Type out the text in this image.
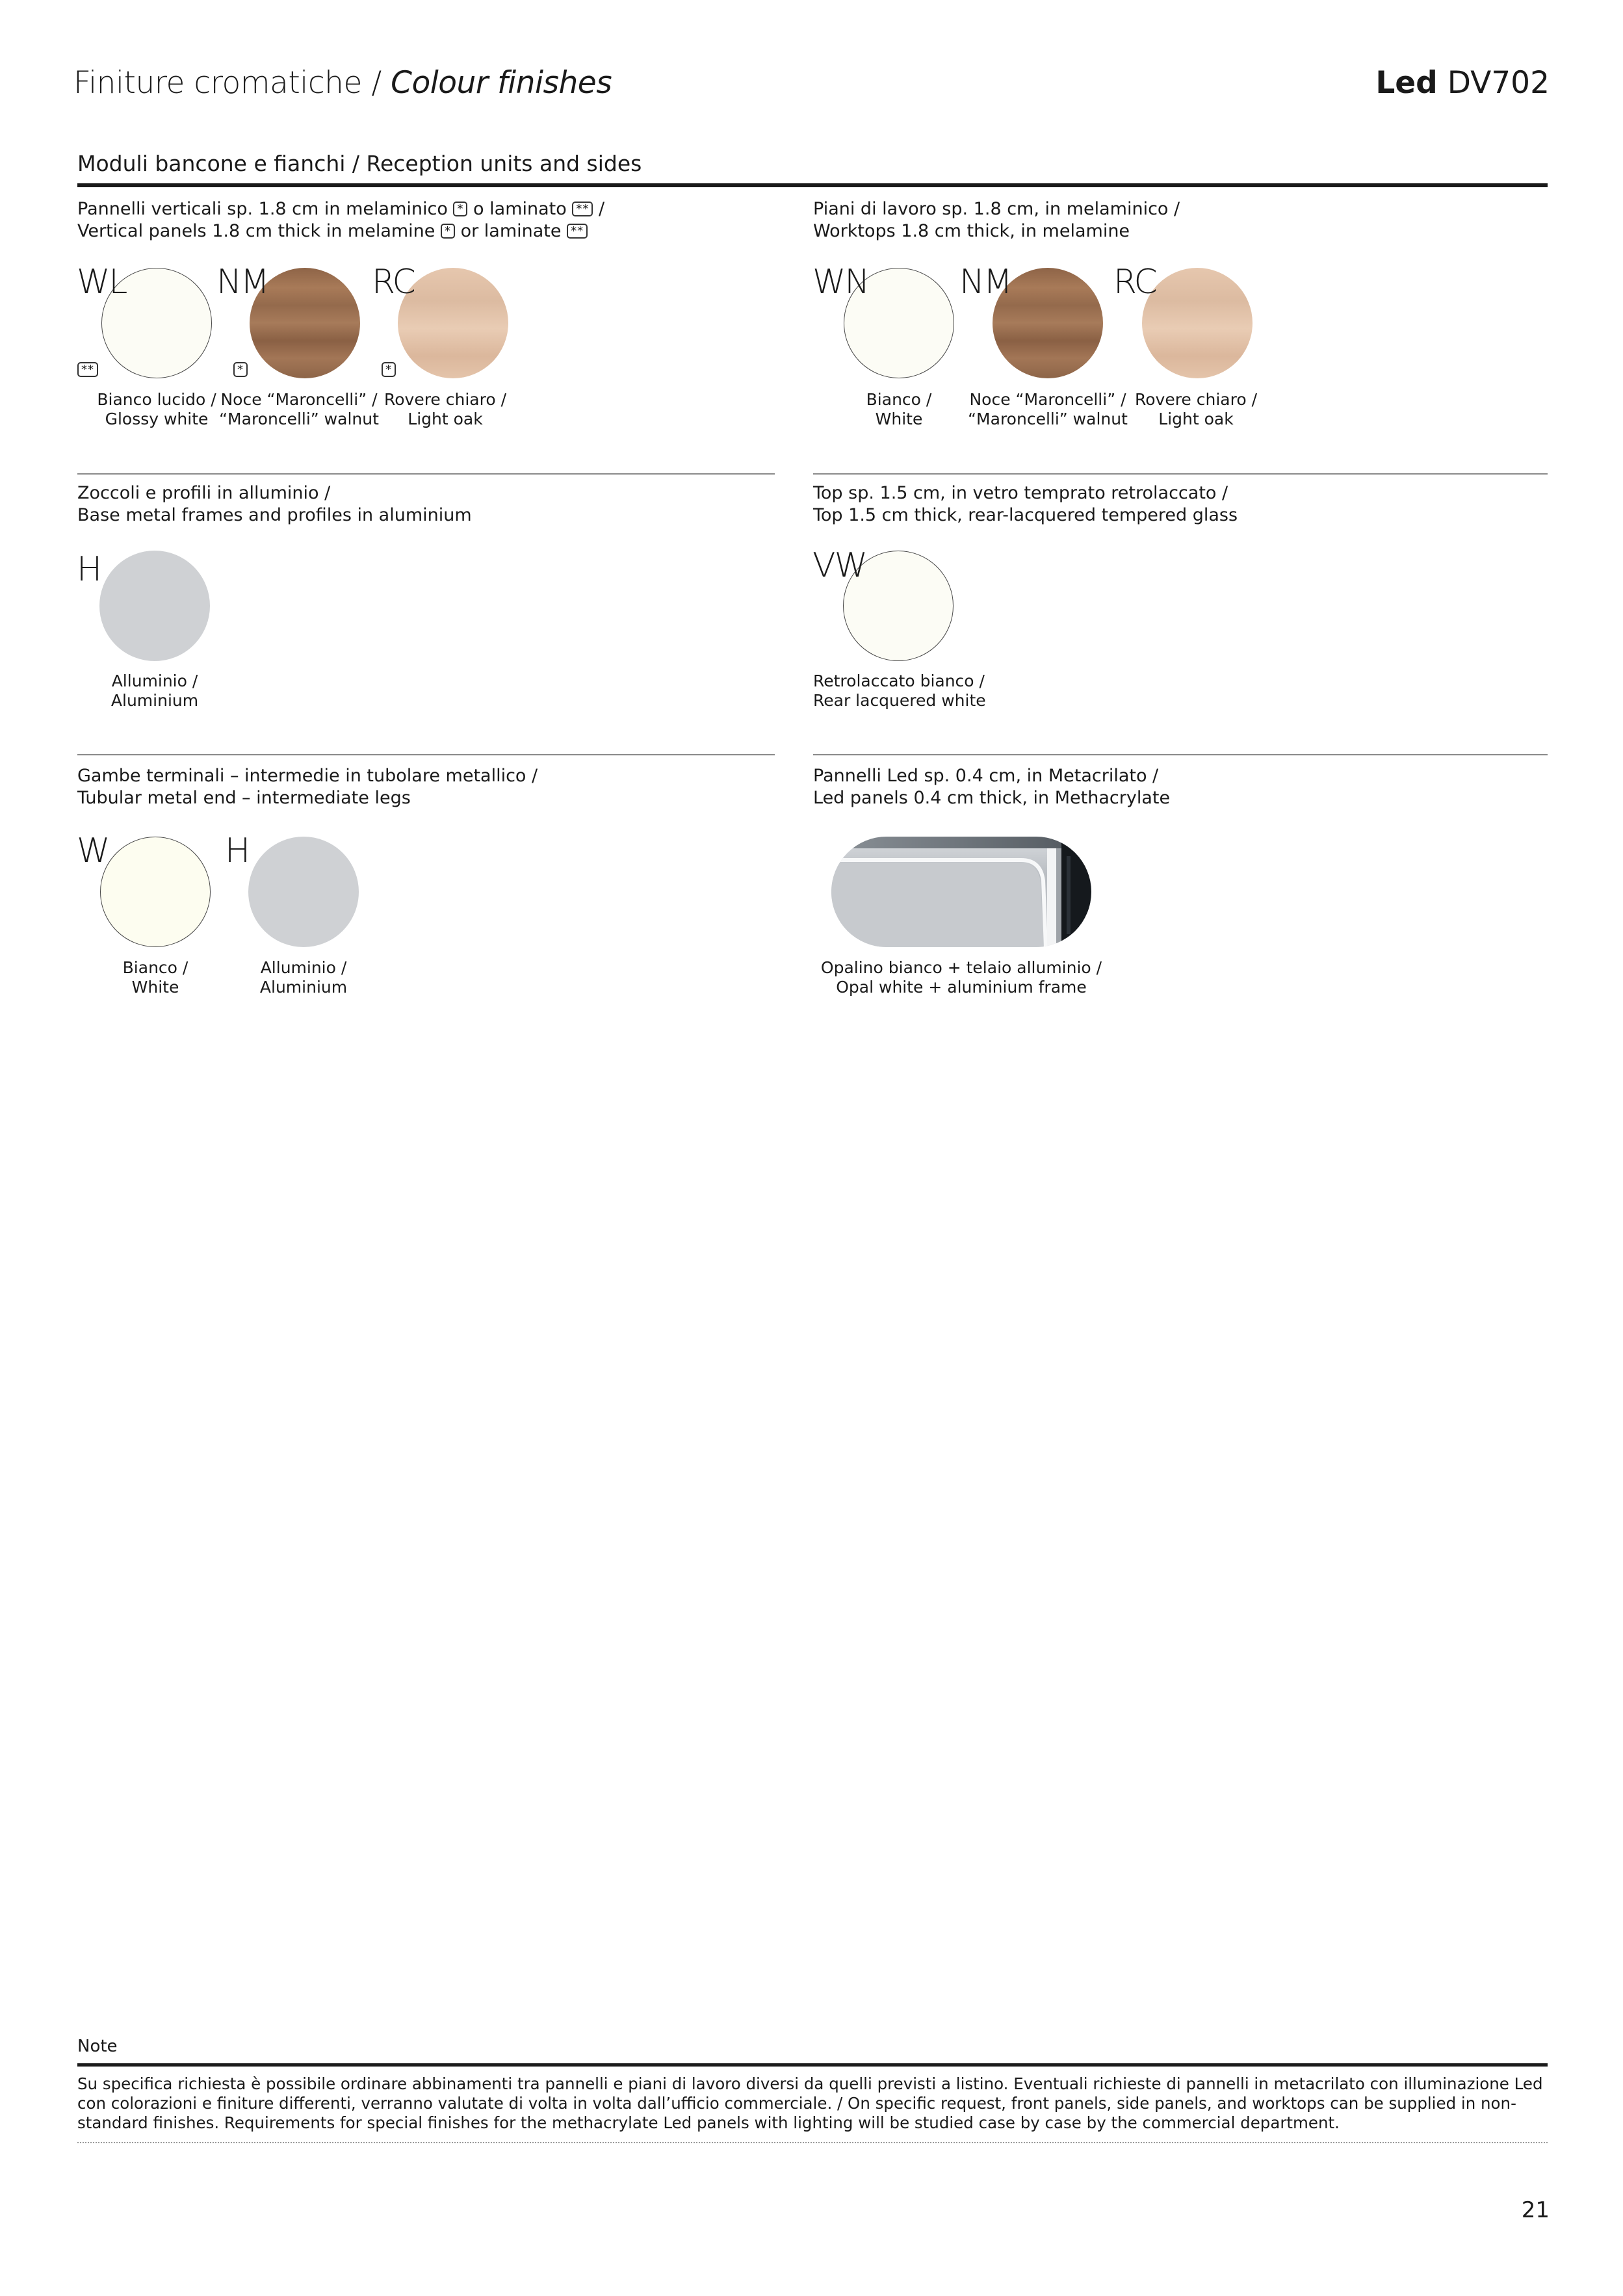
Finiture cromatiche / Colour finishes	Led DV702
Moduli bancone e fianchi / Reception units and sides
Pannelli verticali sp. 1.8 cm in melaminico * o laminato ** /
Vertical panels 1.8 cm thick in melamine * or laminate **
WL
**
Bianco lucido /
Glossy white
NM
*
Noce “Maroncelli” /
“Maroncelli” walnut
RC
*
Rovere chiaro /
Light oak
Piani di lavoro sp. 1.8 cm, in melaminico /
Worktops 1.8 cm thick, in melamine
WN
Bianco /
White
NM
Noce “Maroncelli” /
“Maroncelli” walnut
RC
Rovere chiaro /
Light oak
Zoccoli e profili in alluminio /
Base metal frames and profiles in aluminium
H
Alluminio /
Aluminium
Top sp. 1.5 cm, in vetro temprato retrolaccato /
Top 1.5 cm thick, rear-lacquered tempered glass
VW
Retrolaccato bianco /
Rear lacquered white
Gambe terminali – intermedie in tubolare metallico /
Tubular metal end – intermediate legs
W
Bianco /
White
H
Alluminio /
Aluminium
Pannelli Led sp. 0.4 cm, in Metacrilato /
Led panels 0.4 cm thick, in Methacrylate
Opalino bianco + telaio alluminio /
Opal white + aluminium frame
Note
Su specifica richiesta è possibile ordinare abbinamenti tra pannelli e piani di lavoro diversi da quelli previsti a listino. Eventuali richieste di pannelli in metacrilato con illuminazione Led con colorazioni e finiture differenti, verranno valutate di volta in volta dall’ufficio commerciale. / On specific request, front panels, side panels, and worktops can be supplied in non-standard finishes. Requirements for special finishes for the methacrylate Led panels with lighting will be studied case by case by the commercial department.
21
